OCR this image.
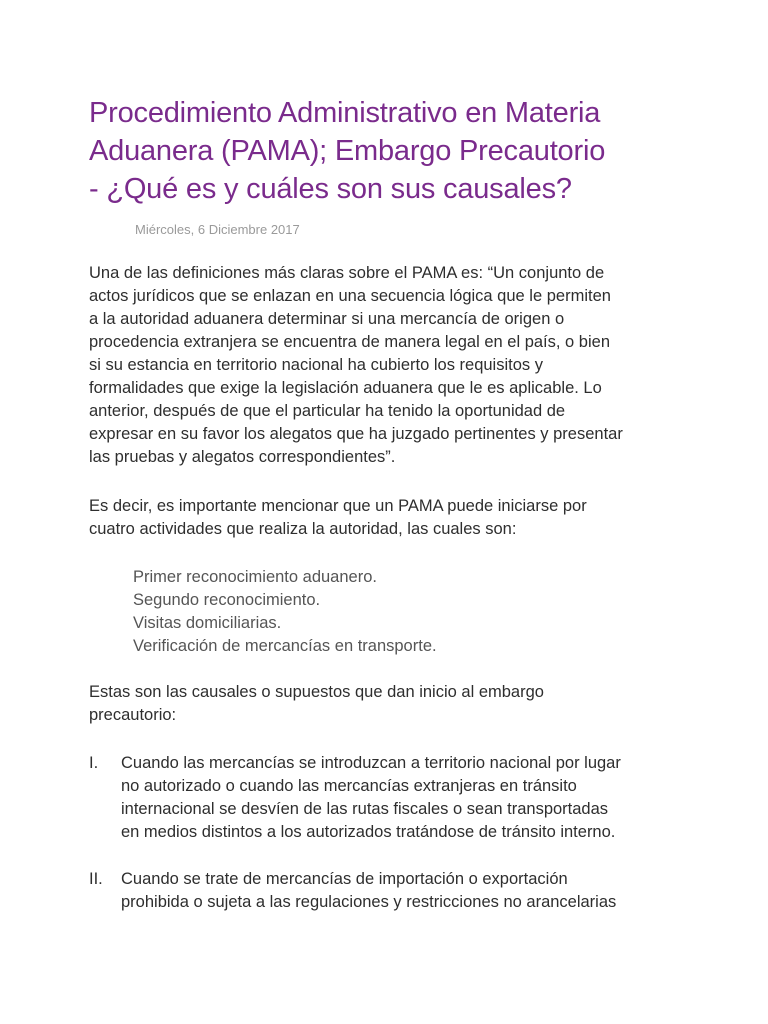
Procedimiento Administrativo en Materia
Aduanera (PAMA); Embargo Precautorio
- ¿Qué es y cuáles son sus causales?
Miércoles, 6 Diciembre 2017

Una de las definiciones más claras sobre el PAMA es: “Un conjunto de
actos jurídicos que se enlazan en una secuencia lógica que le permiten
a la autoridad aduanera determinar si una mercancía de origen o
procedencia extranjera se encuentra de manera legal en el país, o bien
si su estancia en territorio nacional ha cubierto los requisitos y
formalidades que exige la legislación aduanera que le es aplicable. Lo
anterior, después de que el particular ha tenido la oportunidad de
expresar en su favor los alegatos que ha juzgado pertinentes y presentar
las pruebas y alegatos correspondientes”.

Es decir, es importante mencionar que un PAMA puede iniciarse por
cuatro actividades que realiza la autoridad, las cuales son:

Primer reconocimiento aduanero.
Segundo reconocimiento.
Visitas domiciliarias.
Verificación de mercancías en transporte.

Estas son las causales o supuestos que dan inicio al embargo
precautorio:

I. Cuando las mercancías se introduzcan a territorio nacional por lugar
no autorizado o cuando las mercancías extranjeras en tránsito
internacional se desvíen de las rutas fiscales o sean transportadas
en medios distintos a los autorizados tratándose de tránsito interno.
II. Cuando se trate de mercancías de importación o exportación
prohibida o sujeta a las regulaciones y restricciones no arancelarias
